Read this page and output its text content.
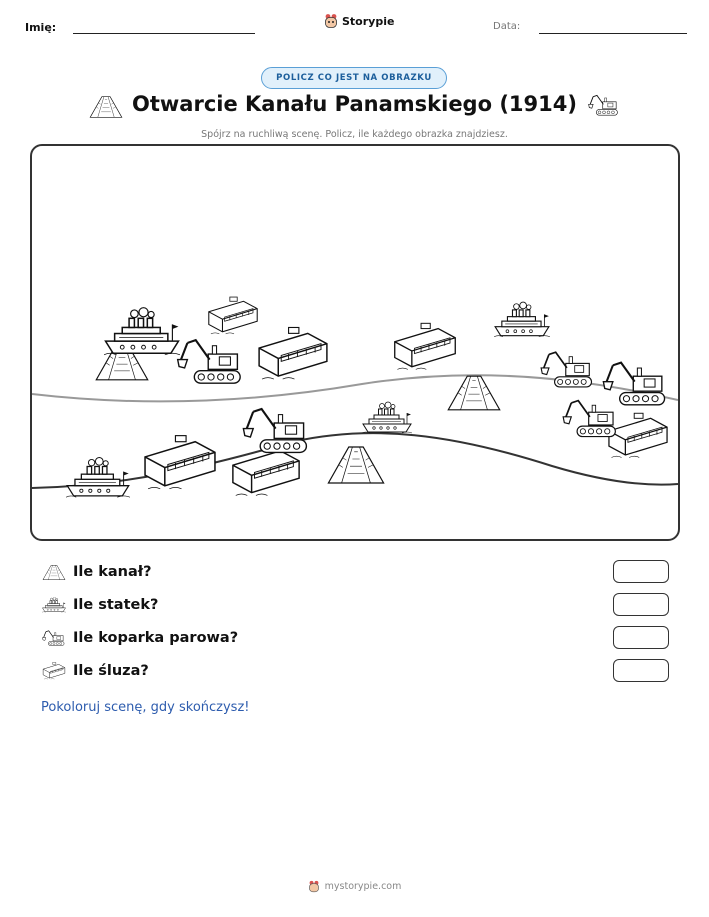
Imię:	Storypie	Data:
POLICZ CO JEST NA OBRAZKU
Otwarcie Kanału Panamskiego (1914)
Spójrz na ruchliwą scenę. Policz, ile każdego obrazka znajdziesz.
Ile kanał?
Ile statek?
Ile koparka parowa?
Ile śluza?
Pokoloruj scenę, gdy skończysz!
mystorypie.com
